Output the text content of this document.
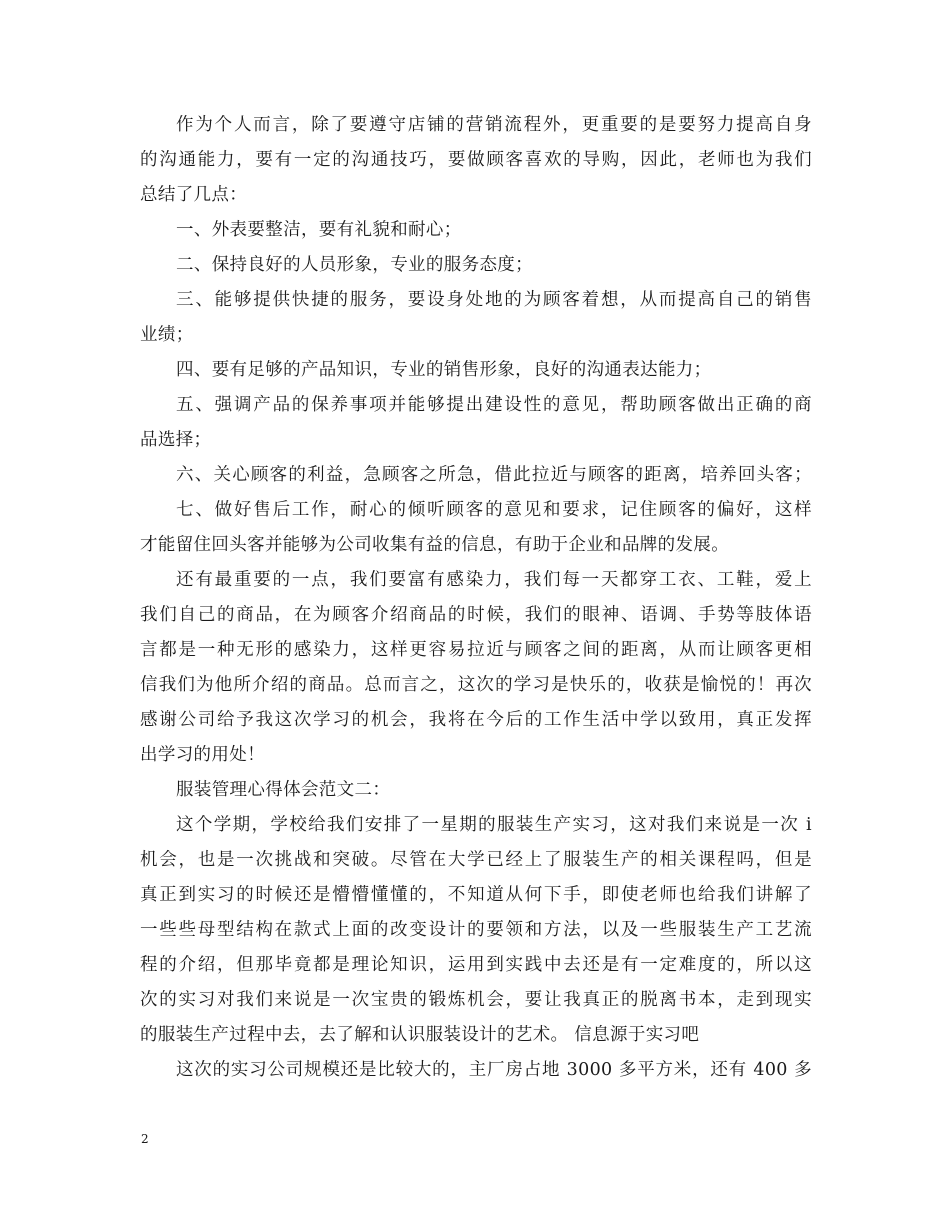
作为个人而言，除了要遵守店铺的营销流程外，更重要的是要努力提高自身
的沟通能力，要有一定的沟通技巧，要做顾客喜欢的导购，因此，老师也为我们
总结了几点：
一、外表要整洁，要有礼貌和耐心；
二、保持良好的人员形象，专业的服务态度；
三、能够提供快捷的服务，要设身处地的为顾客着想，从而提高自己的销售
业绩；
四、要有足够的产品知识，专业的销售形象，良好的沟通表达能力；
五、强调产品的保养事项并能够提出建设性的意见，帮助顾客做出正确的商
品选择；
六、关心顾客的利益，急顾客之所急，借此拉近与顾客的距离，培养回头客；
七、做好售后工作，耐心的倾听顾客的意见和要求，记住顾客的偏好，这样
才能留住回头客并能够为公司收集有益的信息，有助于企业和品牌的发展。
还有最重要的一点，我们要富有感染力，我们每一天都穿工衣、工鞋，爱上
我们自己的商品，在为顾客介绍商品的时候，我们的眼神、语调、手势等肢体语
言都是一种无形的感染力，这样更容易拉近与顾客之间的距离，从而让顾客更相
信我们为他所介绍的商品。总而言之，这次的学习是快乐的，收获是愉悦的！再次
感谢公司给予我这次学习的机会，我将在今后的工作生活中学以致用，真正发挥
出学习的用处！
服装管理心得体会范文二：
这个学期，学校给我们安排了一星期的服装生产实习，这对我们来说是一次 i
机会，也是一次挑战和突破。尽管在大学已经上了服装生产的相关课程吗，但是
真正到实习的时候还是懵懵懂懂的，不知道从何下手，即使老师也给我们讲解了
一些些母型结构在款式上面的改变设计的要领和方法，以及一些服装生产工艺流
程的介绍，但那毕竟都是理论知识，运用到实践中去还是有一定难度的，所以这
次的实习对我们来说是一次宝贵的锻炼机会，要让我真正的脱离书本，走到现实
的服装生产过程中去，去了解和认识服装设计的艺术。 信息源于实习吧
这次的实习公司规模还是比较大的，主厂房占地 3000 多平方米，还有 400 多
2
